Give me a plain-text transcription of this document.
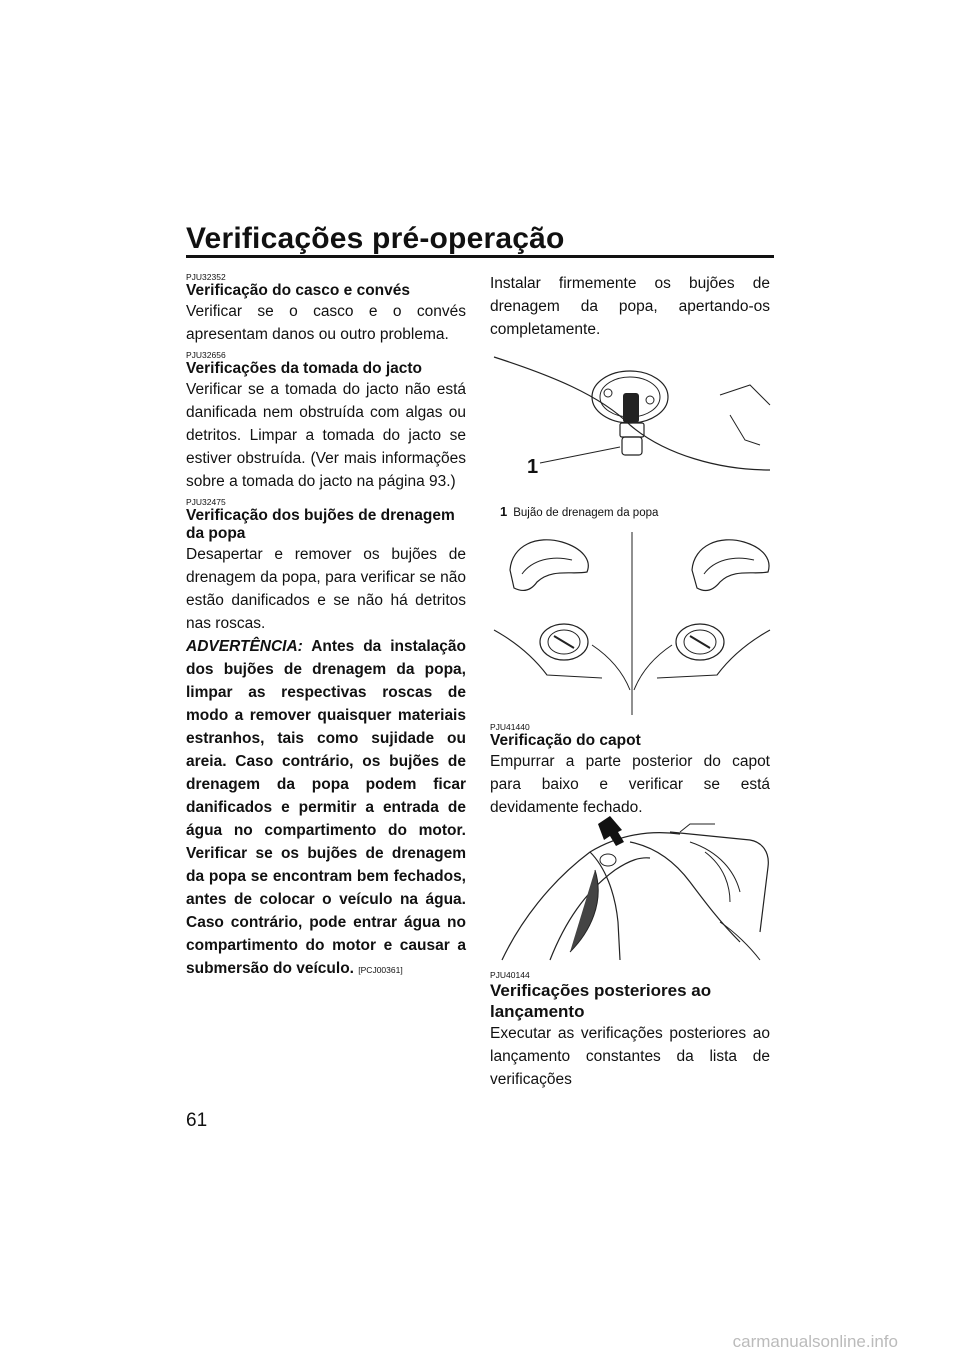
Verificações pré-operação
PJU32352
Verificação do casco e convés

Verificar se o casco e o convés apresentam danos ou outro problema.

PJU32656
Verificações da tomada do jacto

Verificar se a tomada do jacto não está danificada nem obstruída com algas ou detritos. Limpar a tomada do jacto se estiver obstruída. (Ver mais informações sobre a tomada do jacto na página 93.)

PJU32475
Verificação dos bujões de drenagem da popa

Desapertar e remover os bujões de drenagem da popa, para verificar se não estão danificados e se não há detritos nas roscas.

ADVERTÊNCIA: Antes da instalação dos bujões de drenagem da popa, limpar as respectivas roscas de modo a remover quaisquer materiais estranhos, tais como sujidade ou areia. Caso contrário, os bujões de drenagem da popa podem ficar danificados e permitir a entrada de água no compartimento do motor. Verificar se os bujões de drenagem da popa se encontram bem fechados, antes de colocar o veículo na água. Caso contrário, pode entrar água no compartimento do motor e causar a submersão do veículo. [PCJ00361]

Instalar firmemente os bujões de drenagem da popa, apertando-os completamente.

1
1 Bujão de drenagem da popa
PJU41440
Verificação do capot

Empurrar a parte posterior do capot para baixo e verificar se está devidamente fechado.

PJU40144
Verificações posteriores ao lançamento

Executar as verificações posteriores ao lançamento constantes da lista de verificações

61
carmanualsonline.info
